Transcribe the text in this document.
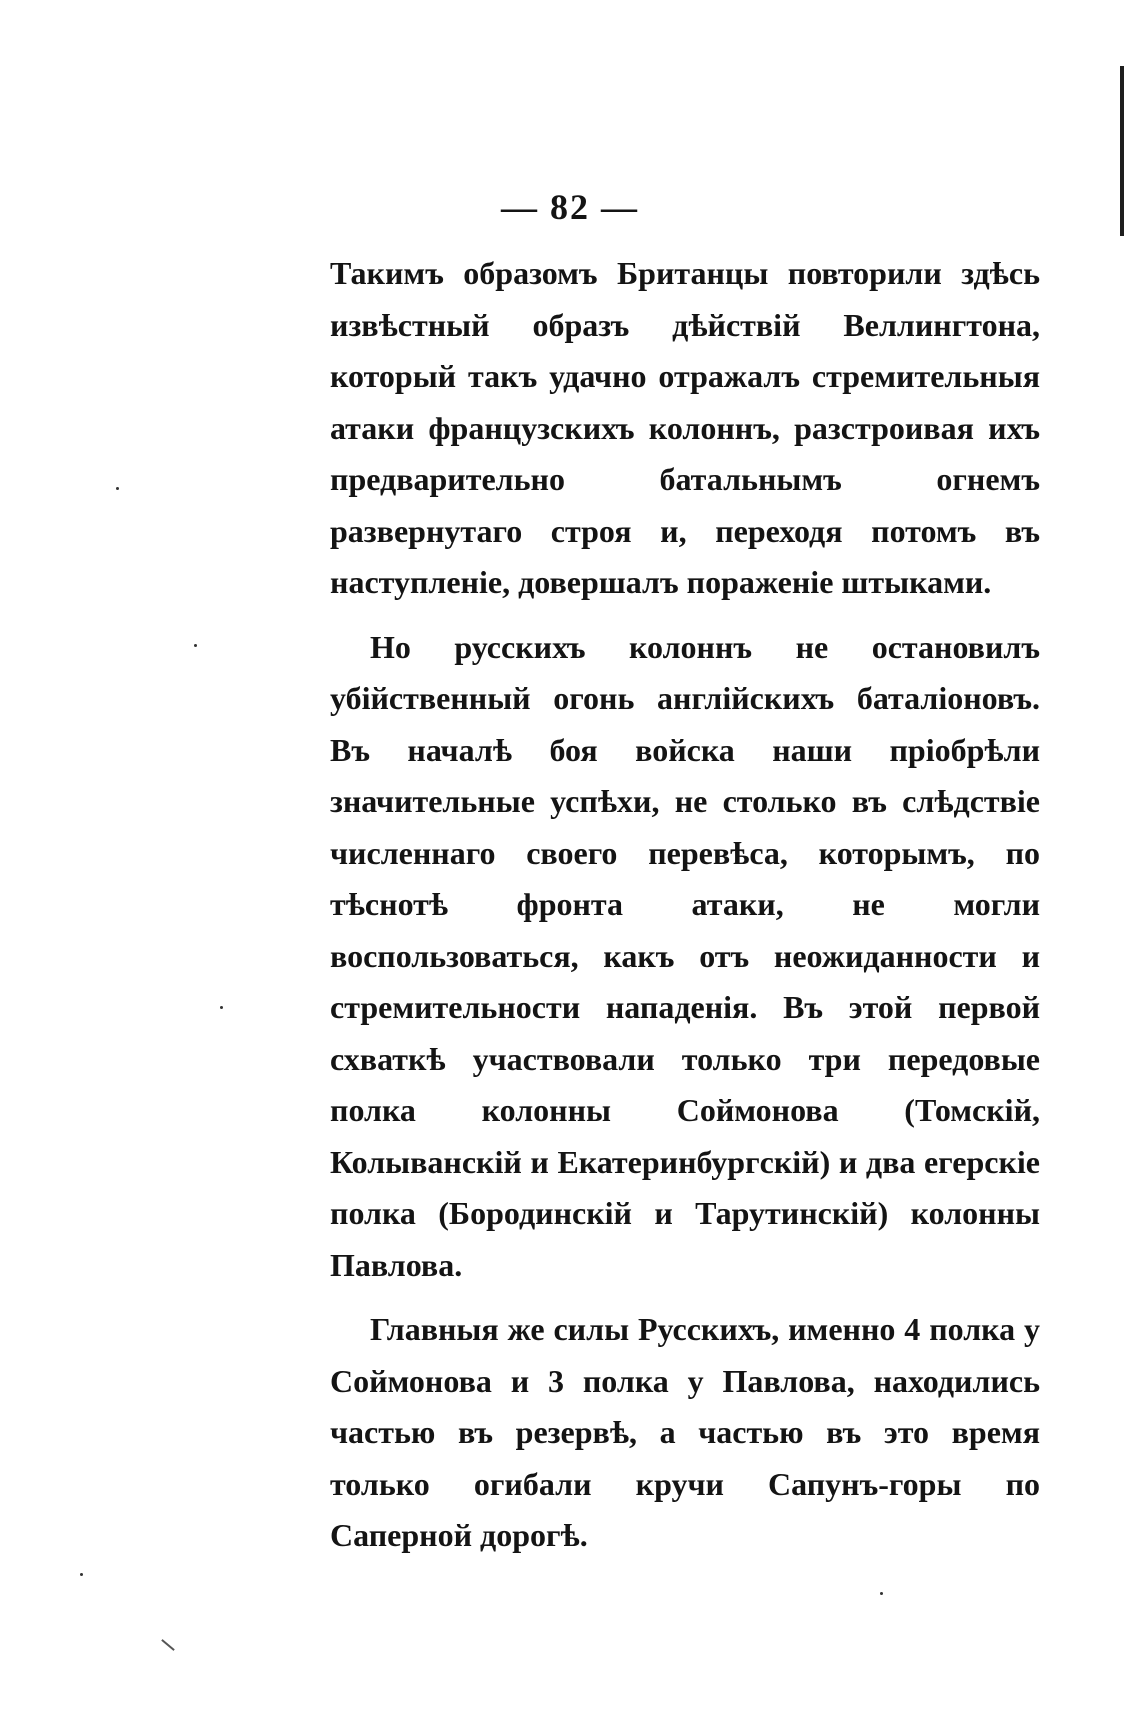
— 82 —

Такимъ образомъ Британцы повторили здѣсь извѣстный образъ дѣйствій Веллингтона, который такъ удачно отражалъ стремительныя атаки французскихъ колоннъ, разстроивая ихъ предварительно батальнымъ огнемъ развернутаго строя и, переходя потомъ въ наступленіе, довершалъ пораженіе штыками.

Но русскихъ колоннъ не остановилъ убійственный огонь англійскихъ баталіоновъ. Въ началѣ боя войска наши пріобрѣли значительные успѣхи, не столько въ слѣдствіе численнаго своего перевѣса, которымъ, по тѣснотѣ фронта атаки, не могли воспользоваться, какъ отъ неожиданности и стремительности нападенія. Въ этой первой схваткѣ участвовали только три передовые полка колонны Соймонова (Томскій, Колыванскій и Екатеринбургскій) и два егерскіе полка (Бородинскій и Тарутинскій) колонны Павлова.

Главныя же силы Русскихъ, именно 4 полка у Соймонова и 3 полка у Павлова, находились частью въ резервѣ, а частью въ это время только огибали кручи Сапунъ-горы по Саперной дорогѣ.
